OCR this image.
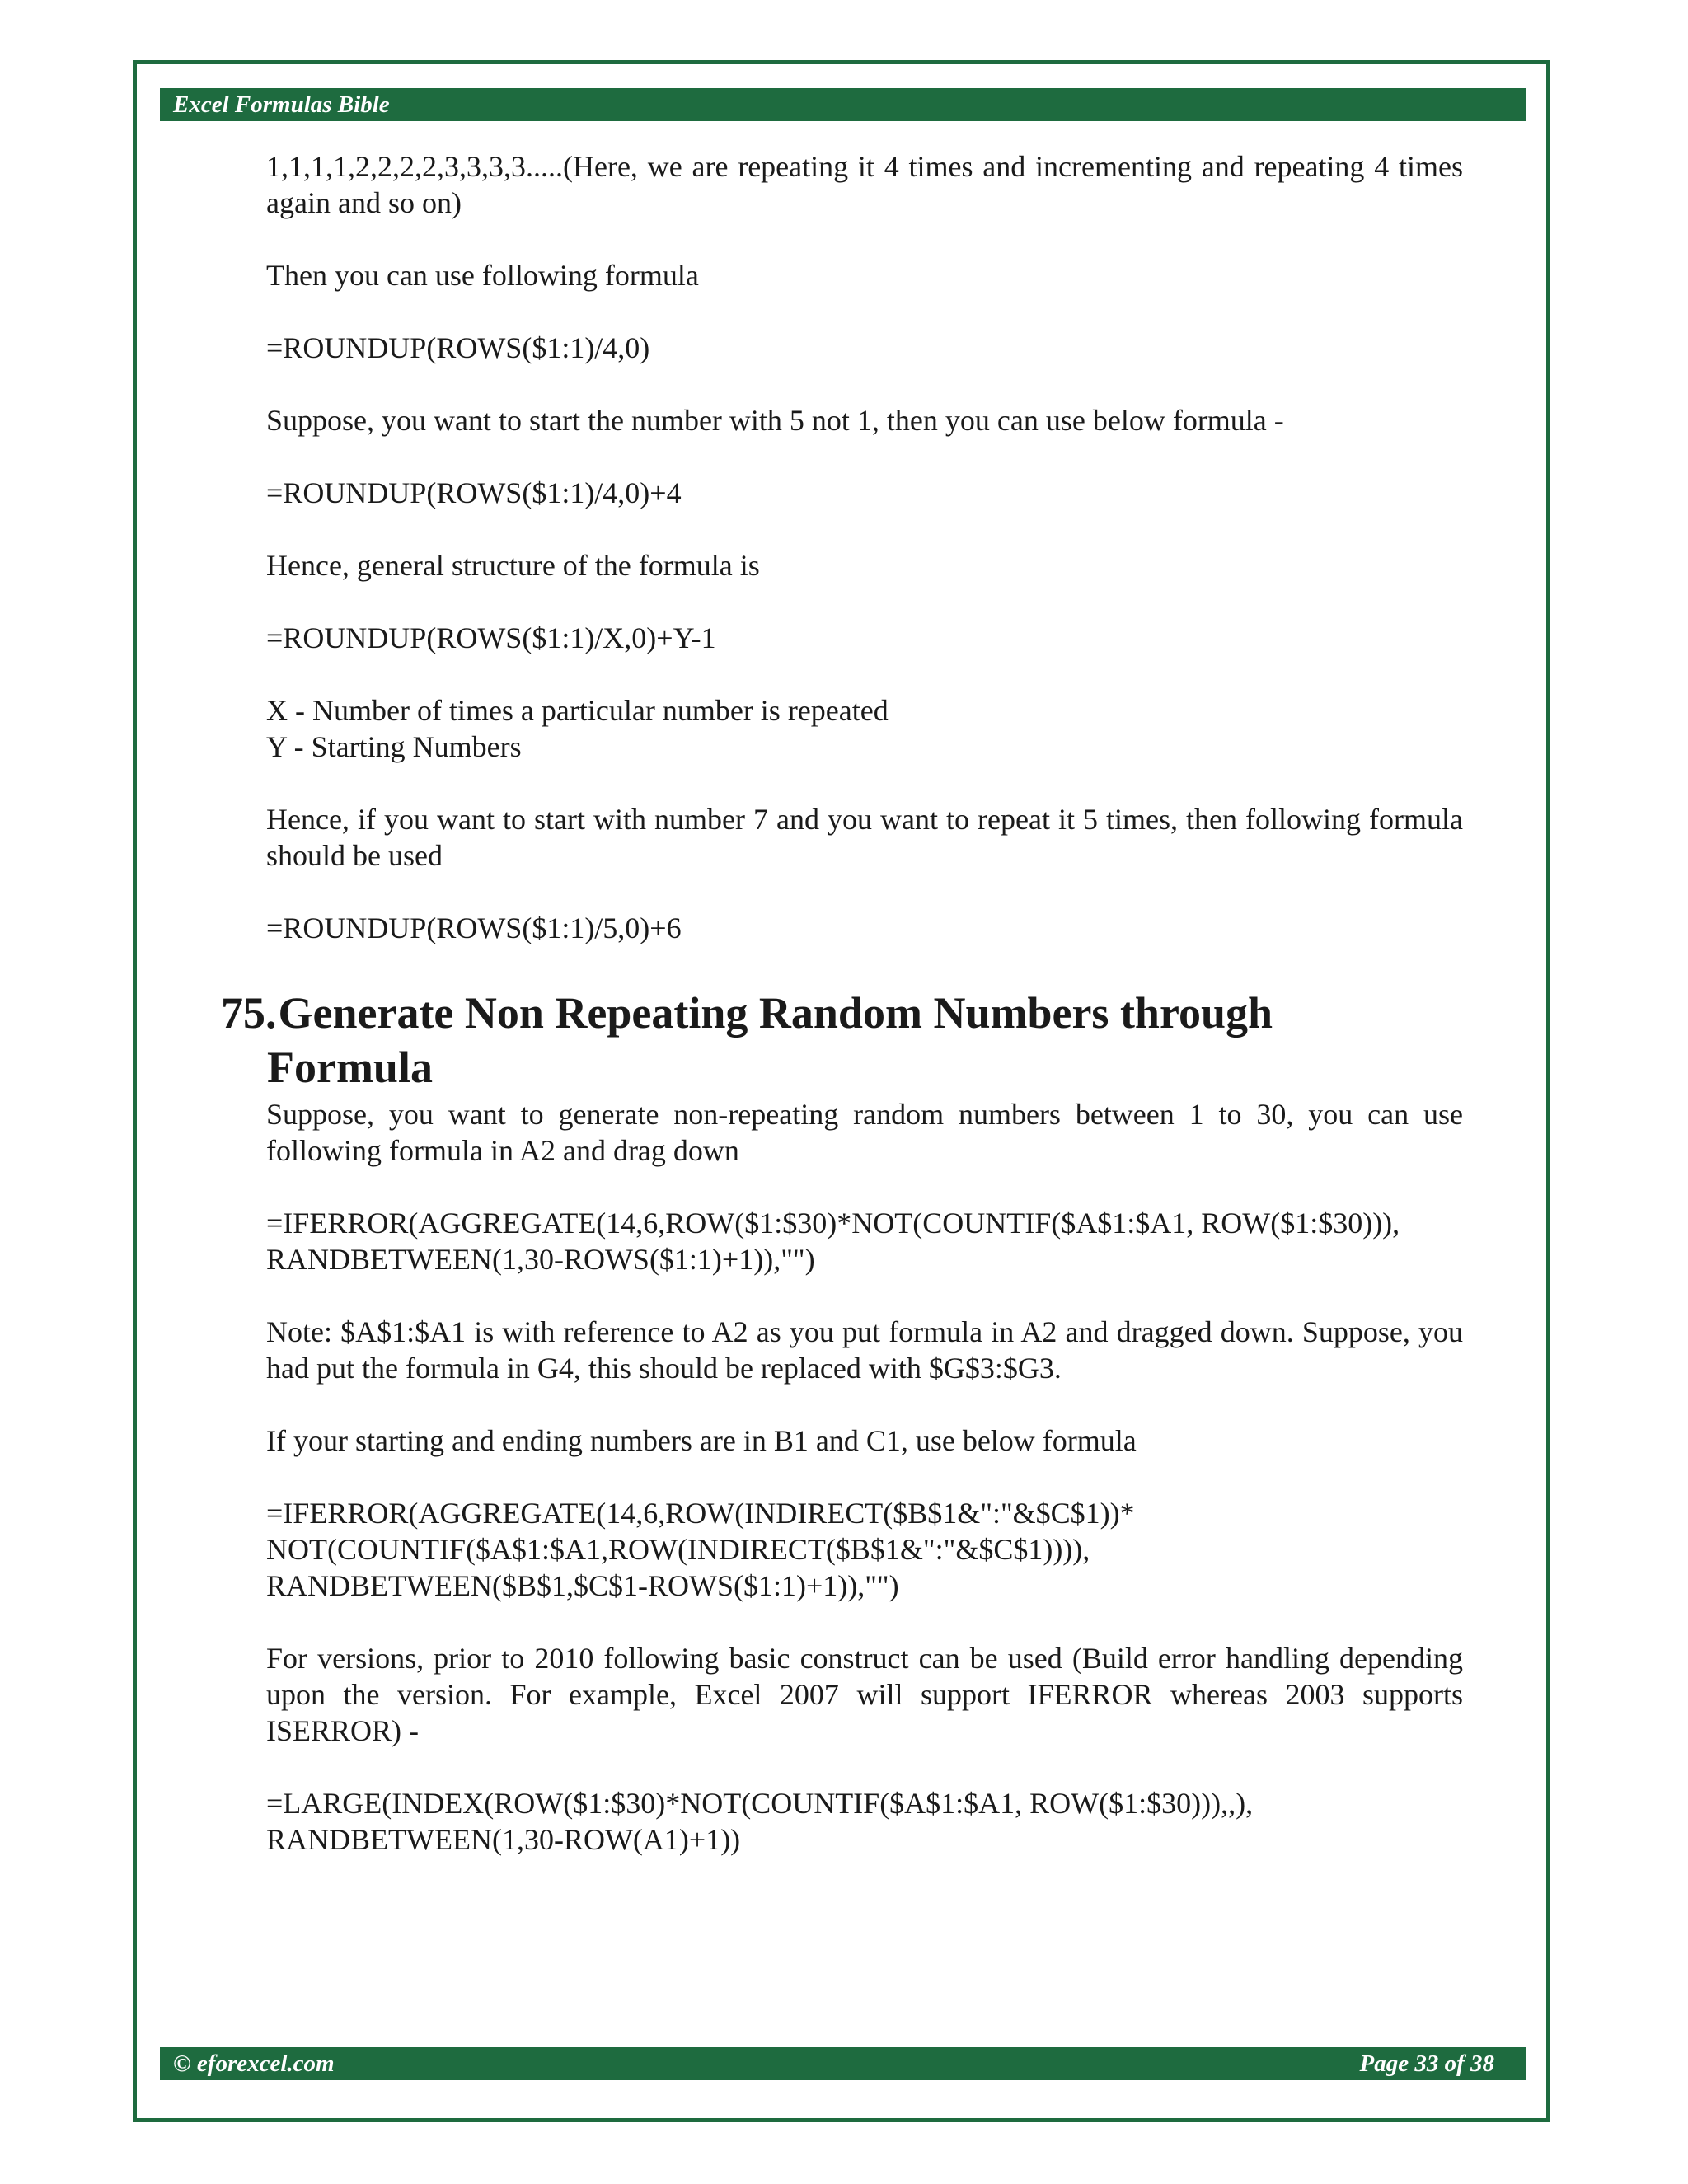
Excel Formulas Bible

1,1,1,1,2,2,2,2,3,3,3,3.....(Here, we are repeating it 4 times and incrementing and repeating 4 times again and so on)

Then you can use following formula

=ROUNDUP(ROWS($1:1)/4,0)

Suppose, you want to start the number with 5 not 1, then you can use below formula -

=ROUNDUP(ROWS($1:1)/4,0)+4

Hence, general structure of the formula is

=ROUNDUP(ROWS($1:1)/X,0)+Y-1

X - Number of times a particular number is repeated

Y - Starting Numbers

Hence, if you want to start with number 7 and you want to repeat it 5 times, then following formula should be used

=ROUNDUP(ROWS($1:1)/5,0)+6

75. Generate Non Repeating Random Numbers through
Formula

Suppose, you want to generate non-repeating random numbers between 1 to 30, you can use following formula in A2 and drag down

=IFERROR(AGGREGATE(14,6,ROW($1:$30)*NOT(COUNTIF($A$1:$A1, ROW($1:$30))),
RANDBETWEEN(1,30-ROWS($1:1)+1)),"")

Note: $A$1:$A1 is with reference to A2 as you put formula in A2 and dragged down. Suppose, you had put the formula in G4, this should be replaced with $G$3:$G3.

If your starting and ending numbers are in B1 and C1, use below formula

=IFERROR(AGGREGATE(14,6,ROW(INDIRECT($B$1&":"&$C$1))*
NOT(COUNTIF($A$1:$A1,ROW(INDIRECT($B$1&":"&$C$1)))),
RANDBETWEEN($B$1,$C$1-ROWS($1:1)+1)),"")

For versions, prior to 2010 following basic construct can be used (Build error handling depending upon the version. For example, Excel 2007 will support IFERROR whereas 2003 supports ISERROR) -

=LARGE(INDEX(ROW($1:$30)*NOT(COUNTIF($A$1:$A1, ROW($1:$30))),,),
RANDBETWEEN(1,30-ROW(A1)+1))

© eforexcel.com	Page 33 of 38
